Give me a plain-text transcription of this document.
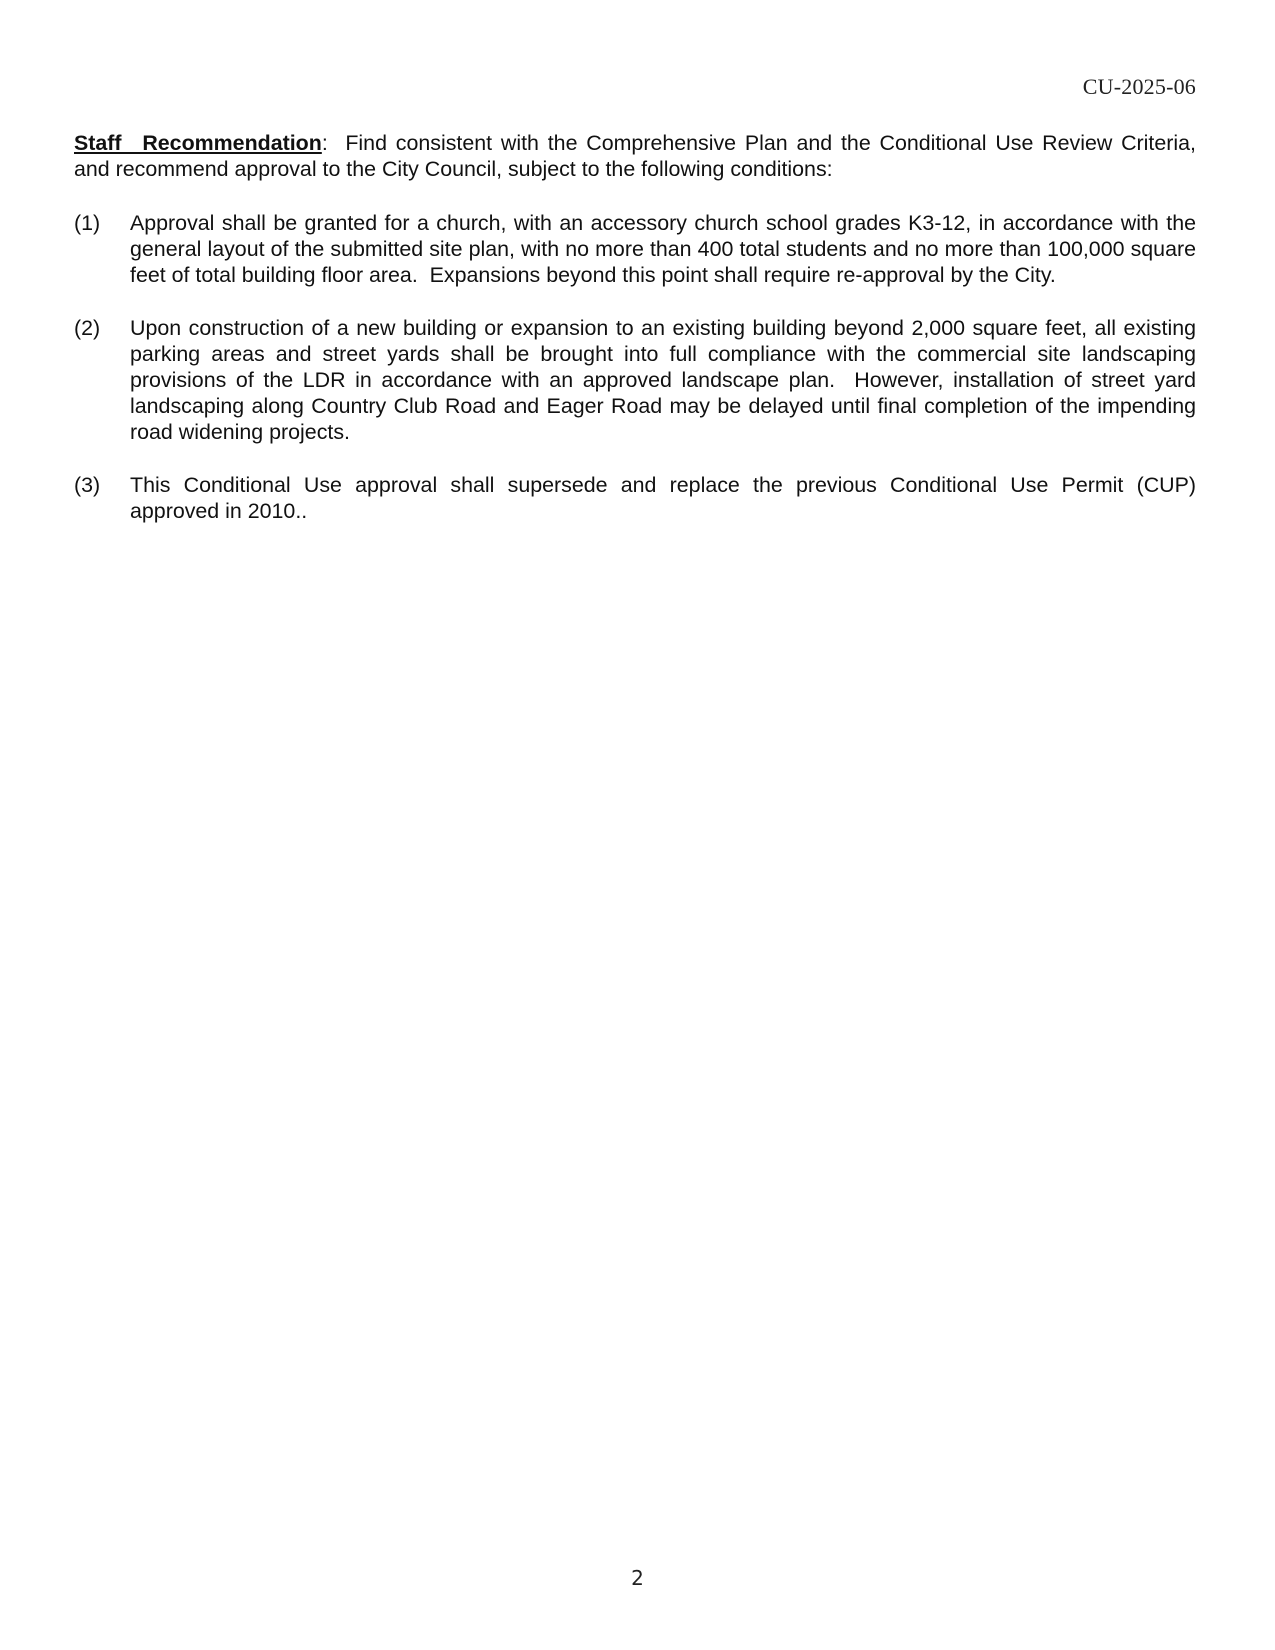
CU-2025-06
Staff Recommendation:  Find consistent with the Comprehensive Plan and the Conditional Use Review Criteria, and recommend approval to the City Council, subject to the following conditions:
(1)	Approval shall be granted for a church, with an accessory church school grades K3-12, in accordance with the general layout of the submitted site plan, with no more than 400 total students and no more than 100,000 square feet of total building floor area.  Expansions beyond this point shall require re-approval by the City.
(2)	Upon construction of a new building or expansion to an existing building beyond 2,000 square feet, all existing parking areas and street yards shall be brought into full compliance with the commercial site landscaping provisions of the LDR in accordance with an approved landscape plan.  However, installation of street yard landscaping along Country Club Road and Eager Road may be delayed until final completion of the impending road widening projects.
(3)	This Conditional Use approval shall supersede and replace the previous Conditional Use Permit (CUP) approved in 2010..
2
